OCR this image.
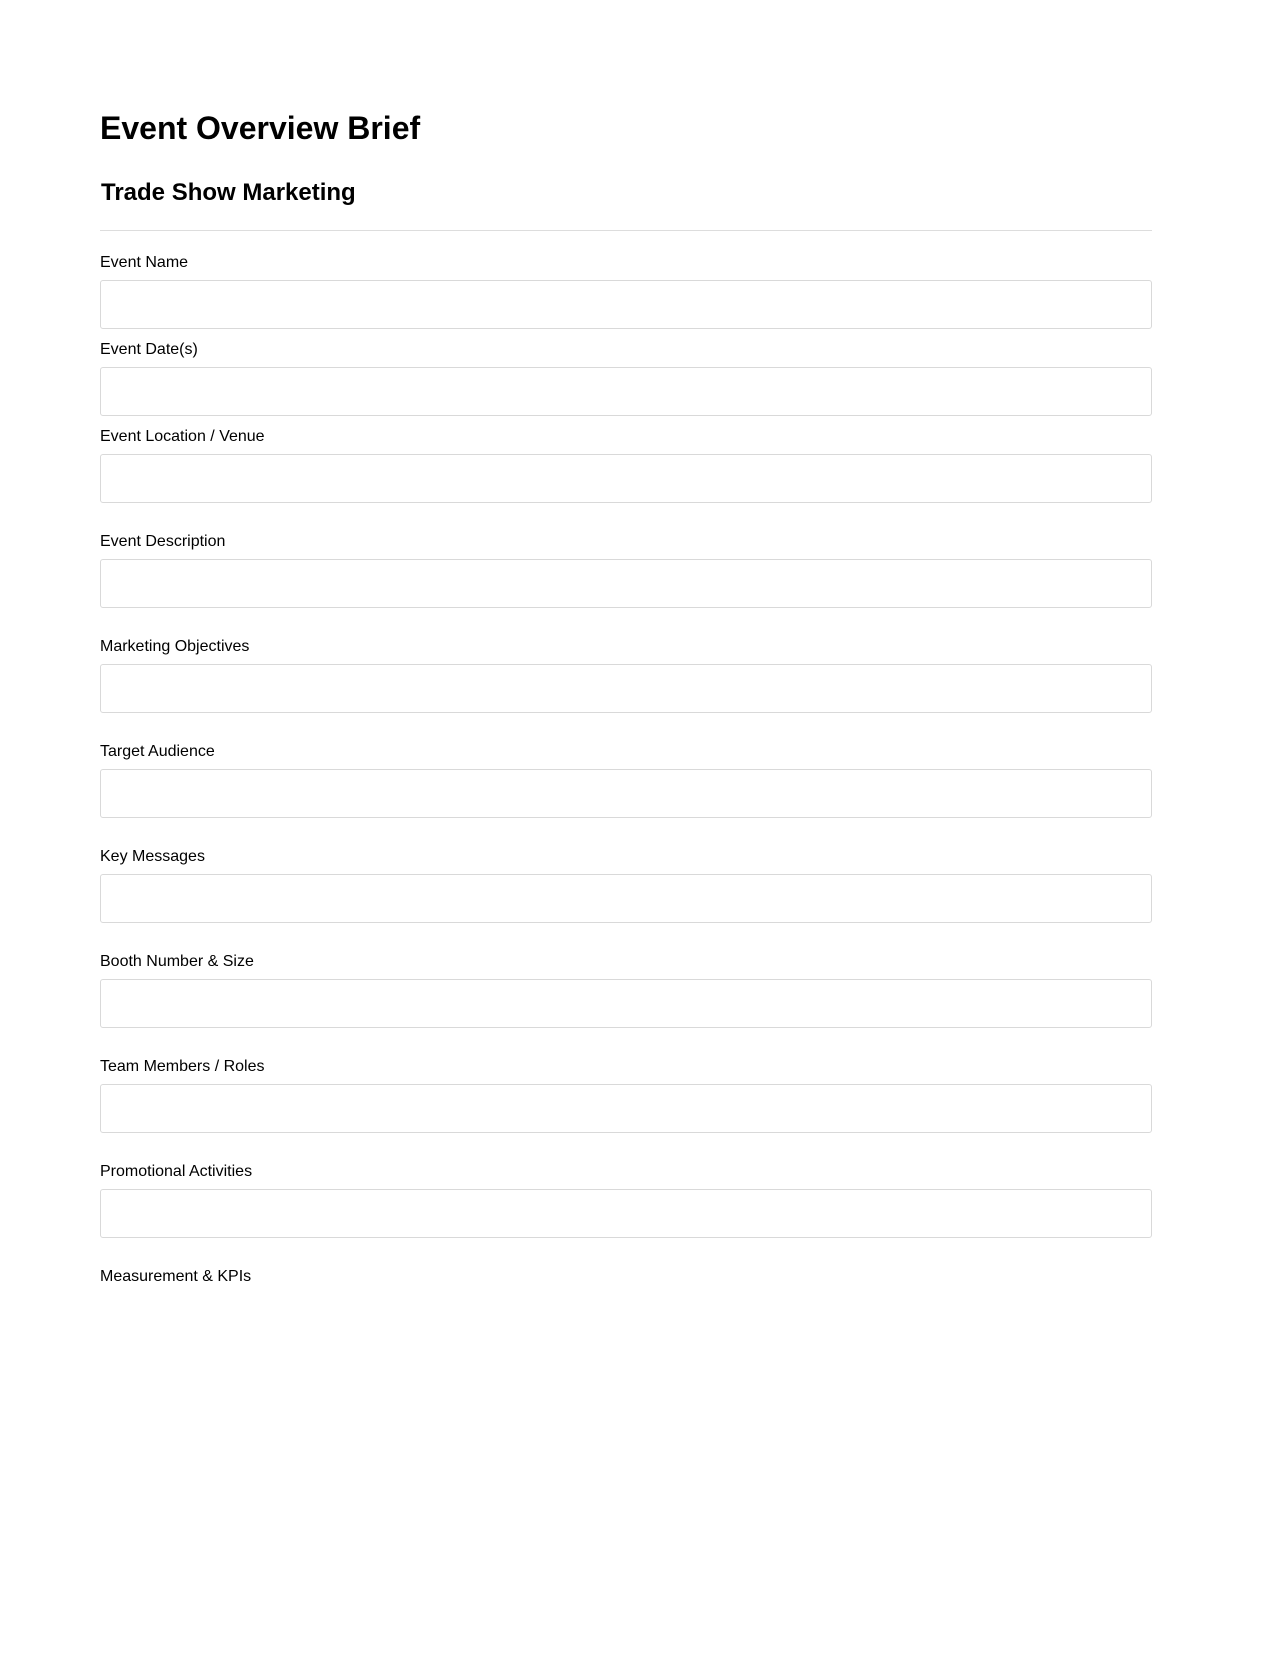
Event Overview Brief
Trade Show Marketing
Event Name
Event Date(s)
Event Location / Venue
Event Description
Marketing Objectives
Target Audience
Key Messages
Booth Number & Size
Team Members / Roles
Promotional Activities
Measurement & KPIs
